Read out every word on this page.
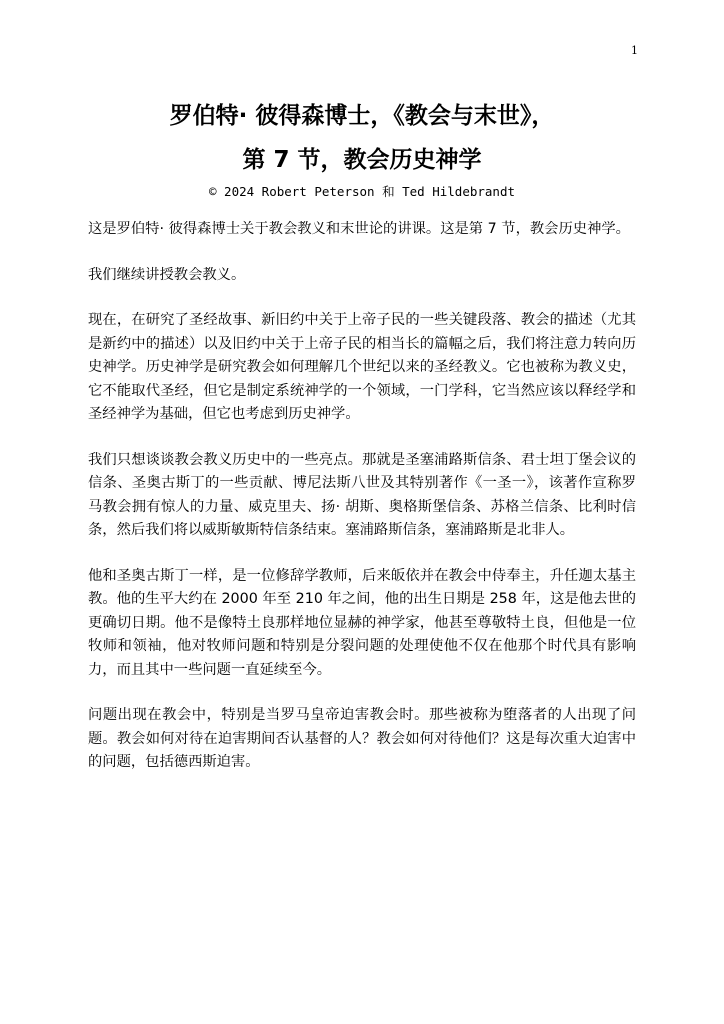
1
罗伯特· 彼得森博士，《教会与末世》，
第 7 节，教会历史神学

© 2024 Robert Peterson 和 Ted Hildebrandt

这是罗伯特· 彼得森博士关于教会教义和末世论的讲课。这是第 7 节，教会历史神学。

我们继续讲授教会教义。

现在，在研究了圣经故事、新旧约中关于上帝子民的一些关键段落、教会的描述（尤其是新约中的描述）以及旧约中关于上帝子民的相当长的篇幅之后，我们将注意力转向历史神学。历史神学是研究教会如何理解几个世纪以来的圣经教义。它也被称为教义史，它不能取代圣经，但它是制定系统神学的一个领域，一门学科，它当然应该以释经学和圣经神学为基础，但它也考虑到历史神学。

我们只想谈谈教会教义历史中的一些亮点。那就是圣塞浦路斯信条、君士坦丁堡会议的信条、圣奥古斯丁的一些贡献、博尼法斯八世及其特别著作《一圣一》，该著作宣称罗马教会拥有惊人的力量、威克里夫、扬· 胡斯、奥格斯堡信条、苏格兰信条、比利时信条，然后我们将以威斯敏斯特信条结束。塞浦路斯信条，塞浦路斯是北非人。

他和圣奥古斯丁一样，是一位修辞学教师，后来皈依并在教会中侍奉主，升任迦太基主教。他的生平大约在 2000 年至 210 年之间，他的出生日期是 258 年，这是他去世的更确切日期。他不是像特土良那样地位显赫的神学家，他甚至尊敬特土良，但他是一位牧师和领袖，他对牧师问题和特别是分裂问题的处理使他不仅在他那个时代具有影响力，而且其中一些问题一直延续至今。

问题出现在教会中，特别是当罗马皇帝迫害教会时。那些被称为堕落者的人出现了问题。教会如何对待在迫害期间否认基督的人？教会如何对待他们？这是每次重大迫害中的问题，包括德西斯迫害。
